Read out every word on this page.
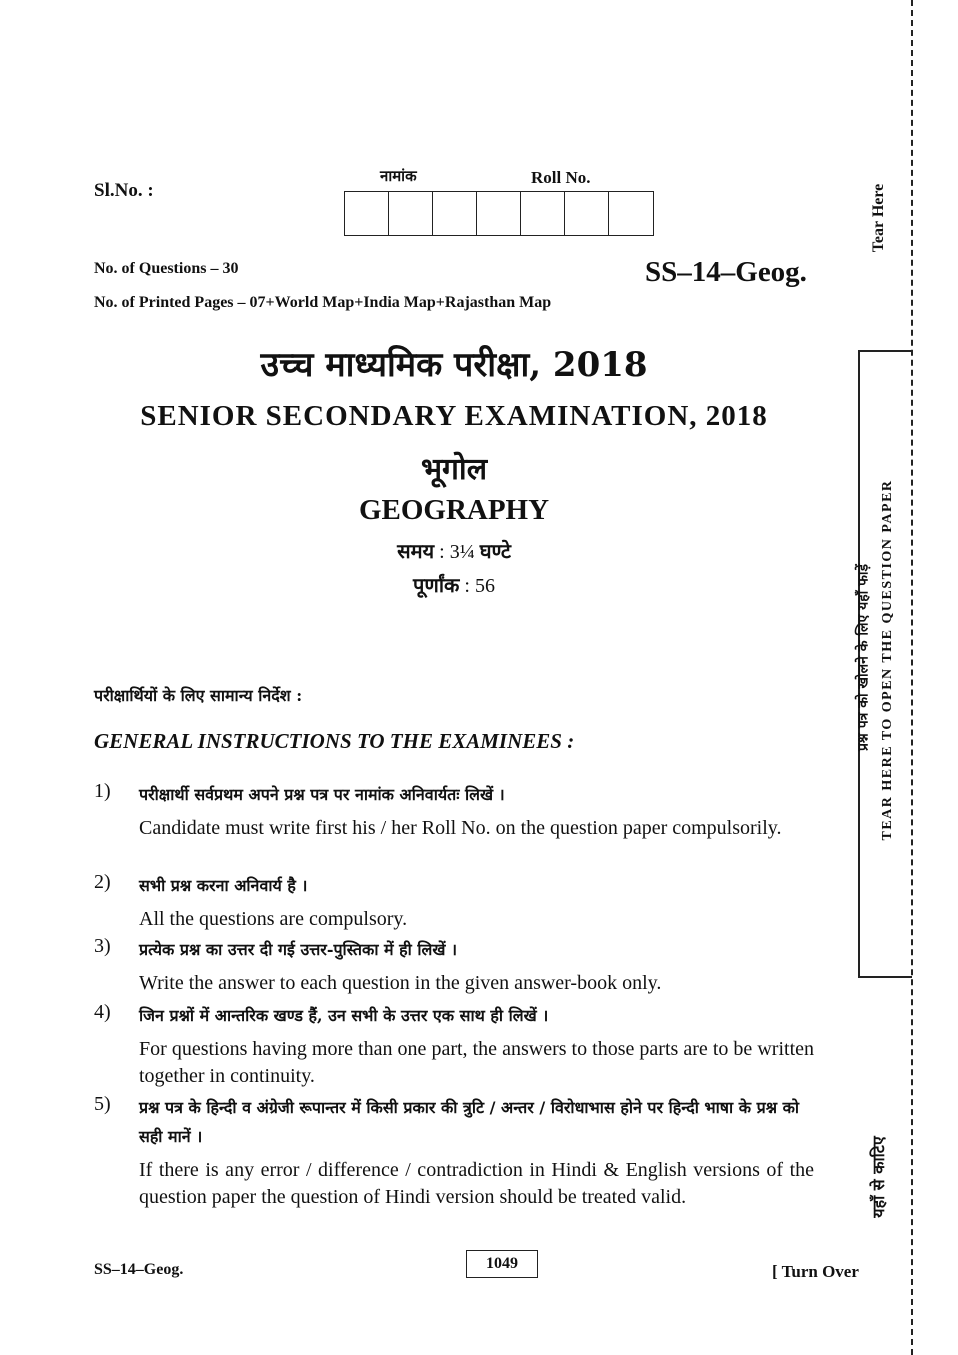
Sl.No. :
नामांक	Roll No.
No. of Questions – 30	SS–14–Geog.
No. of Printed Pages – 07+World Map+India Map+Rajasthan Map
उच्च माध्यमिक परीक्षा, 2018
SENIOR SECONDARY EXAMINATION, 2018
भूगोल
GEOGRAPHY
समय : 3¼ घण्टे
पूर्णांक : 56
परीक्षार्थियों के लिए सामान्य निर्देश :
GENERAL INSTRUCTIONS TO THE EXAMINEES :
1) परीक्षार्थी सर्वप्रथम अपने प्रश्न पत्र पर नामांक अनिवार्यतः लिखें ।
Candidate must write first his / her Roll No. on the question paper compulsorily.
2) सभी प्रश्न करना अनिवार्य है ।
All the questions are compulsory.
3) प्रत्येक प्रश्न का उत्तर दी गई उत्तर-पुस्तिका में ही लिखें ।
Write the answer to each question in the given answer-book only.
4) जिन प्रश्नों में आन्तरिक खण्ड हैं, उन सभी के उत्तर एक साथ ही लिखें ।
For questions having more than one part, the answers to those parts are to be written together in continuity.
5) प्रश्न पत्र के हिन्दी व अंग्रेजी रूपान्तर में किसी प्रकार की त्रुटि / अन्तर / विरोधाभास होने पर हिन्दी भाषा के प्रश्न को सही मानें ।
If there is any error / difference / contradiction in Hindi & English versions of the question paper the question of Hindi version should be treated valid.
SS–14–Geog.	1049	[ Turn Over
Tear Here
TEAR HERE TO OPEN THE QUESTION PAPER
प्रश्न पत्र को खोलने के लिए यहाँ फाड़ें
यहाँ से काटिए
